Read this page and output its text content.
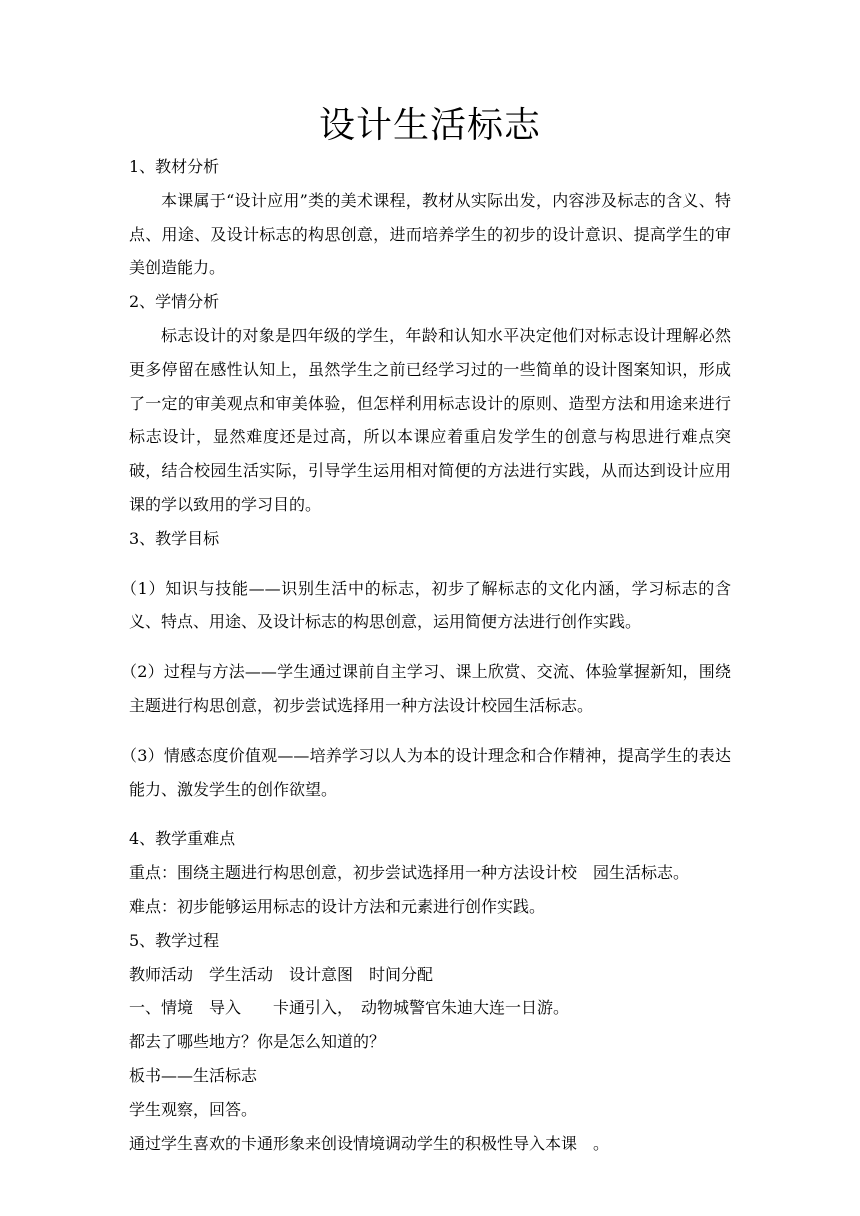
设计生活标志

1、教材分析

本课属于“设计应用”类的美术课程，教材从实际出发，内容涉及标志的含义、特点、用途、及设计标志的构思创意，进而培养学生的初步的设计意识、提高学生的审美创造能力。

2、学情分析

标志设计的对象是四年级的学生，年龄和认知水平决定他们对标志设计理解必然更多停留在感性认知上，虽然学生之前已经学习过的一些简单的设计图案知识，形成了一定的审美观点和审美体验，但怎样利用标志设计的原则、造型方法和用途来进行标志设计，显然难度还是过高，所以本课应着重启发学生的创意与构思进行难点突破，结合校园生活实际，引导学生运用相对简便的方法进行实践，从而达到设计应用课的学以致用的学习目的。

3、教学目标

（1）知识与技能——识别生活中的标志，初步了解标志的文化内涵，学习标志的含义、特点、用途、及设计标志的构思创意，运用简便方法进行创作实践。

（2）过程与方法——学生通过课前自主学习、课上欣赏、交流、体验掌握新知，围绕主题进行构思创意，初步尝试选择用一种方法设计校园生活标志。

（3）情感态度价值观——培养学习以人为本的设计理念和合作精神，提高学生的表达能力、激发学生的创作欲望。

4、教学重难点

重点：围绕主题进行构思创意，初步尝试选择用一种方法设计校　园生活标志。

难点：初步能够运用标志的设计方法和元素进行创作实践。

5、教学过程

教师活动　学生活动　设计意图　时间分配

一、情境　导入　　卡通引入，　动物城警官朱迪大连一日游。

都去了哪些地方？你是怎么知道的？

板书——生活标志

学生观察，回答。

通过学生喜欢的卡通形象来创设情境调动学生的积极性导入本课　。
